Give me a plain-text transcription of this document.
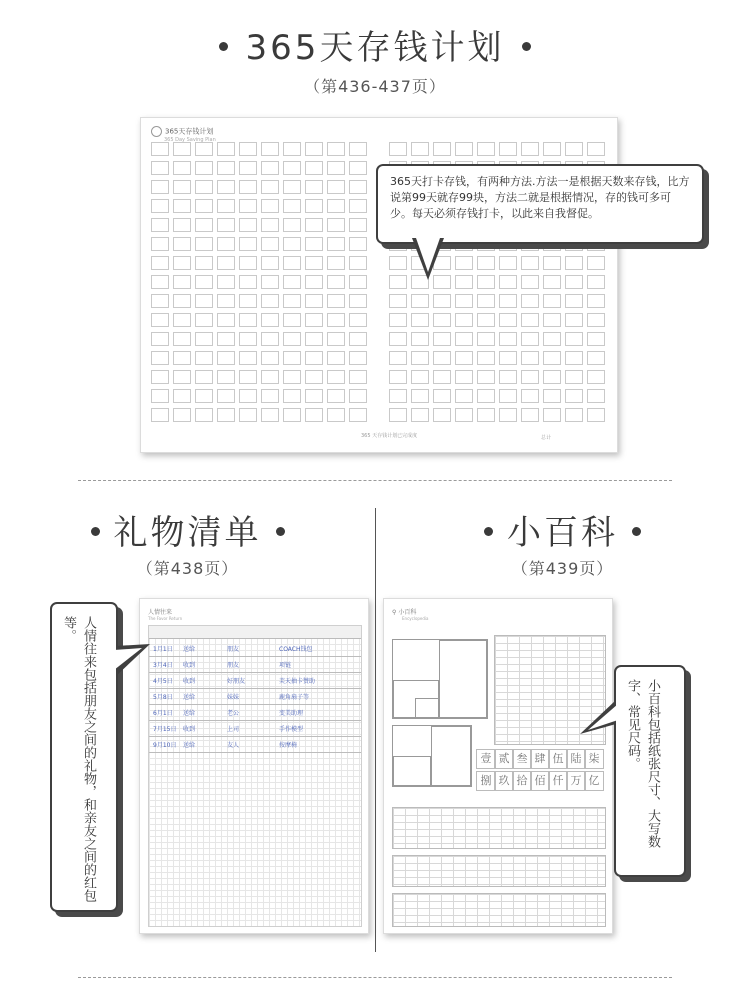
365天存钱计划
（第436-437页）
365天存钱计划
365 Day Saving Plan
365 天存钱计划已完成度	总计
365天打卡存钱，有两种方法.方法一是根据天数来存钱，比方说第99天就存99块，方法二就是根据情况，存的钱可多可少。每天必须存钱打卡，以此来自我督促。
礼物清单
（第438页）
小百科
（第439页）
人情往来
The Favor Return
1月1日 送给	朋友	COACH钱包
3月4日 收到	朋友	项链
4月5日 收到	好朋友	芙天抽卡赞助
5月8日 送给	妹妹	鹿角扇子等
6月1日 送给	老公	变美助理
7月15日 收到	上司	手作模型
9月10日 送给	友人	按摩椅
⚲ 小百科
Encyclopedia
壹 贰 叁 肆 伍 陆 柒
捌 玖 拾 佰 仟 万 亿
人情往来包括朋友之间的礼物，和亲友之间的红包等。
小百科包括纸张尺寸、大写数字、常见尺码。
